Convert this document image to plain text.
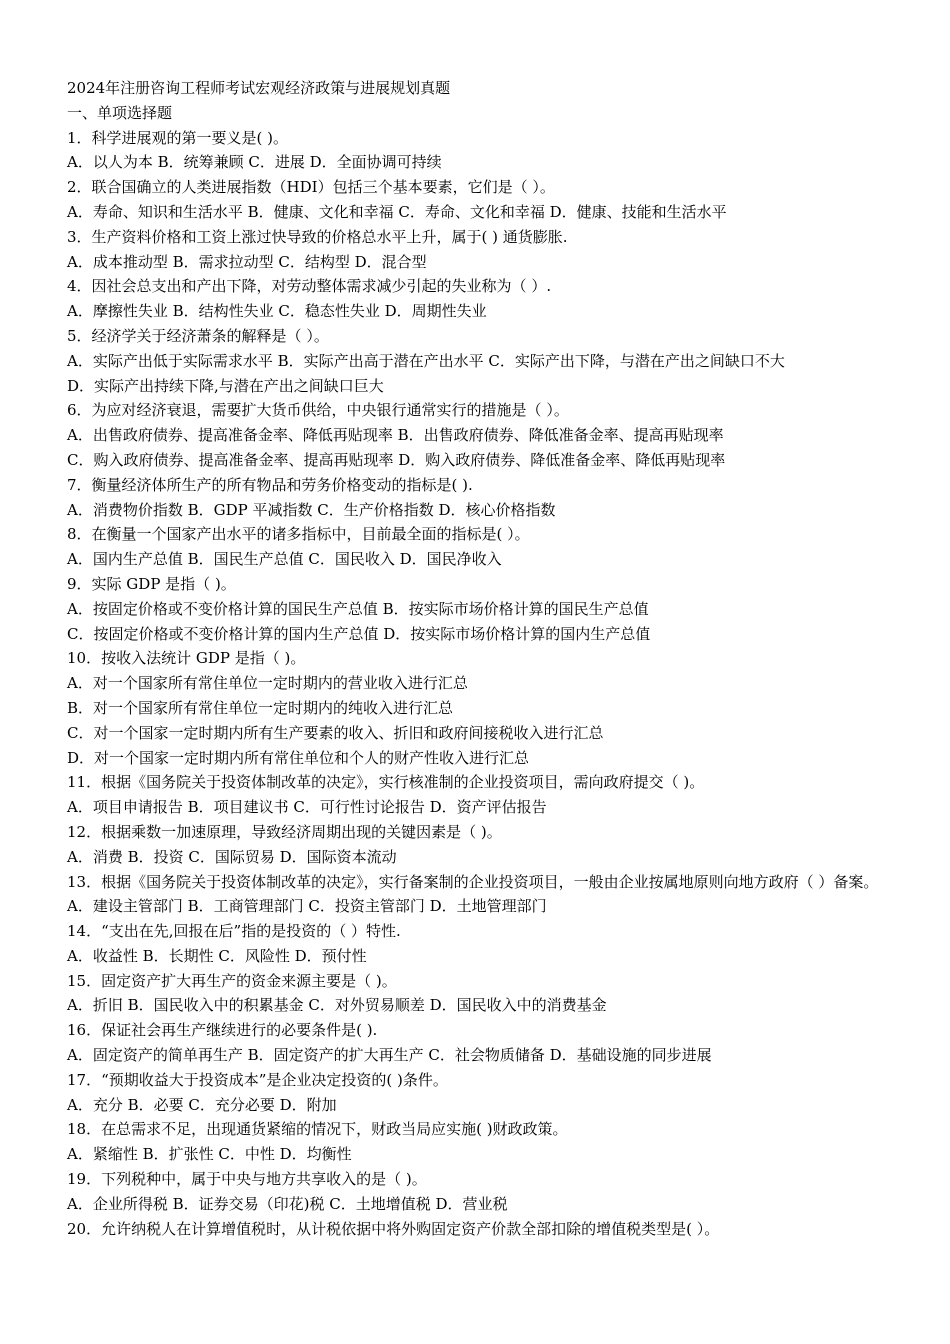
2024年注册咨询工程师考试宏观经济政策与进展规划真题
一、单项选择题
1．科学进展观的第一要义是( )。
A．以人为本 B．统筹兼顾 C．进展 D．全面协调可持续
2．联合国确立的人类进展指数（HDI）包括三个基本要素，它们是（ ）。
A．寿命、知识和生活水平 B．健康、文化和幸福 C．寿命、文化和幸福 D．健康、技能和生活水平
3．生产资料价格和工资上涨过快导致的价格总水平上升，属于( ) 通货膨胀.
A．成本推动型 B．需求拉动型 C．结构型 D．混合型
4．因社会总支出和产出下降，对劳动整体需求减少引起的失业称为（ ）.
A．摩擦性失业 B．结构性失业 C．稳态性失业 D．周期性失业
5．经济学关于经济萧条的解释是（ ）。
A．实际产出低于实际需求水平 B．实际产出高于潜在产出水平 C．实际产出下降，与潜在产出之间缺口不大
D．实际产出持续下降,与潜在产出之间缺口巨大
6．为应对经济衰退，需要扩大货币供给，中央银行通常实行的措施是（ ）。
A．出售政府债券、提高准备金率、降低再贴现率 B．出售政府债券、降低准备金率、提高再贴现率
C．购入政府债券、提高准备金率、提高再贴现率 D．购入政府债券、降低准备金率、降低再贴现率
7．衡量经济体所生产的所有物品和劳务价格变动的指标是( ).
A．消费物价指数 B．GDP 平减指数 C．生产价格指数 D．核心价格指数
8．在衡量一个国家产出水平的诸多指标中，目前最全面的指标是( ）。
A．国内生产总值 B．国民生产总值 C．国民收入 D．国民净收入
9．实际 GDP 是指（ )。
A．按固定价格或不变价格计算的国民生产总值 B．按实际市场价格计算的国民生产总值
C．按固定价格或不变价格计算的国内生产总值 D．按实际市场价格计算的国内生产总值
10．按收入法统计 GDP 是指（ )。
A．对一个国家所有常住单位一定时期内的营业收入进行汇总
B．对一个国家所有常住单位一定时期内的纯收入进行汇总
C．对一个国家一定时期内所有生产要素的收入、折旧和政府间接税收入进行汇总
D．对一个国家一定时期内所有常住单位和个人的财产性收入进行汇总
11．根据《国务院关于投资体制改革的决定》，实行核准制的企业投资项目，需向政府提交（ )。
A．项目申请报告 B．项目建议书 C．可行性讨论报告 D．资产评估报告
12．根据乘数一加速原理，导致经济周期出现的关键因素是（ )。
A．消费 B．投资 C．国际贸易 D．国际资本流动
13．根据《国务院关于投资体制改革的决定》，实行备案制的企业投资项目，一般由企业按属地原则向地方政府（ ）备案。
A．建设主管部门 B．工商管理部门 C．投资主管部门 D．土地管理部门
14．“支出在先,回报在后”指的是投资的（ ）特性.
A．收益性 B．长期性 C．风险性 D．预付性
15．固定资产扩大再生产的资金来源主要是（ )。
A．折旧 B．国民收入中的积累基金 C．对外贸易顺差 D．国民收入中的消费基金
16．保证社会再生产继续进行的必要条件是( ).
A．固定资产的简单再生产 B．固定资产的扩大再生产 C．社会物质储备 D．基础设施的同步进展
17．“预期收益大于投资成本”是企业决定投资的( )条件。
A．充分 B．必要 C．充分必要 D．附加
18．在总需求不足，出现通货紧缩的情况下，财政当局应实施( )财政政策。
A．紧缩性 B．扩张性 C．中性 D．均衡性
19．下列税种中，属于中央与地方共享收入的是（ )。
A．企业所得税 B．证券交易（印花)税 C．土地增值税 D．营业税
20．允许纳税人在计算增值税时，从计税依据中将外购固定资产价款全部扣除的增值税类型是( ）。
